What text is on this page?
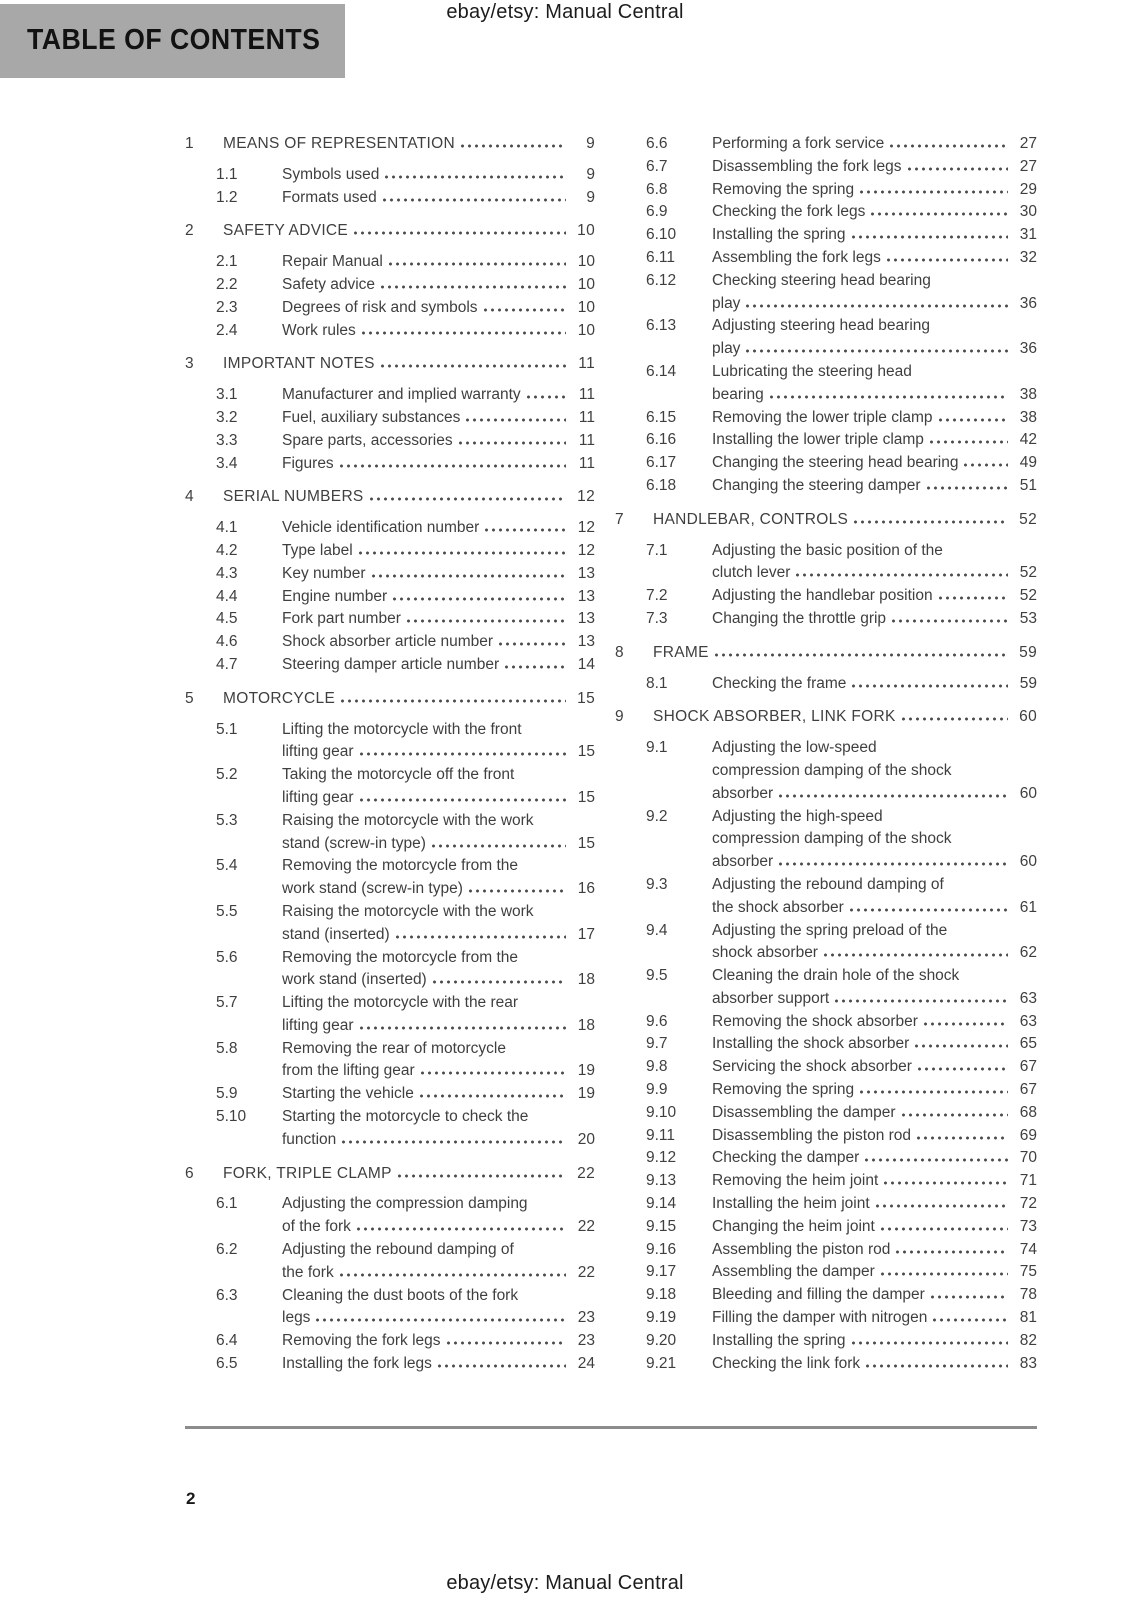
ebay/etsy: Manual Central
TABLE OF CONTENTS
1	MEANS OF REPRESENTATION	9
1.1	Symbols used	9
1.2	Formats used	9
2	SAFETY ADVICE	10
2.1	Repair Manual	10
2.2	Safety advice	10
2.3	Degrees of risk and symbols	10
2.4	Work rules	10
3	IMPORTANT NOTES	11
3.1	Manufacturer and implied warranty	11
3.2	Fuel, auxiliary substances	11
3.3	Spare parts, accessories	11
3.4	Figures	11
4	SERIAL NUMBERS	12
4.1	Vehicle identification number	12
4.2	Type label	12
4.3	Key number	13
4.4	Engine number	13
4.5	Fork part number	13
4.6	Shock absorber article number	13
4.7	Steering damper article number	14
5	MOTORCYCLE	15
5.1	Lifting the motorcycle with the front
lifting gear	15
5.2	Taking the motorcycle off the front
lifting gear	15
5.3	Raising the motorcycle with the work
stand (screw-in type)	15
5.4	Removing the motorcycle from the
work stand (screw-in type)	16
5.5	Raising the motorcycle with the work
stand (inserted)	17
5.6	Removing the motorcycle from the
work stand (inserted)	18
5.7	Lifting the motorcycle with the rear
lifting gear	18
5.8	Removing the rear of motorcycle
from the lifting gear	19
5.9	Starting the vehicle	19
5.10	Starting the motorcycle to check the
function	20
6	FORK, TRIPLE CLAMP	22
6.1	Adjusting the compression damping
of the fork	22
6.2	Adjusting the rebound damping of
the fork	22
6.3	Cleaning the dust boots of the fork
legs	23
6.4	Removing the fork legs	23
6.5	Installing the fork legs	24
6.6	Performing a fork service	27
6.7	Disassembling the fork legs	27
6.8	Removing the spring	29
6.9	Checking the fork legs	30
6.10	Installing the spring	31
6.11	Assembling the fork legs	32
6.12	Checking steering head bearing
play	36
6.13	Adjusting steering head bearing
play	36
6.14	Lubricating the steering head
bearing	38
6.15	Removing the lower triple clamp	38
6.16	Installing the lower triple clamp	42
6.17	Changing the steering head bearing	49
6.18	Changing the steering damper	51
7	HANDLEBAR, CONTROLS	52
7.1	Adjusting the basic position of the
clutch lever	52
7.2	Adjusting the handlebar position	52
7.3	Changing the throttle grip	53
8	FRAME	59
8.1	Checking the frame	59
9	SHOCK ABSORBER, LINK FORK	60
9.1	Adjusting the low-speed
compression damping of the shock
absorber	60
9.2	Adjusting the high-speed
compression damping of the shock
absorber	60
9.3	Adjusting the rebound damping of
the shock absorber	61
9.4	Adjusting the spring preload of the
shock absorber	62
9.5	Cleaning the drain hole of the shock
absorber support	63
9.6	Removing the shock absorber	63
9.7	Installing the shock absorber	65
9.8	Servicing the shock absorber	67
9.9	Removing the spring	67
9.10	Disassembling the damper	68
9.11	Disassembling the piston rod	69
9.12	Checking the damper	70
9.13	Removing the heim joint	71
9.14	Installing the heim joint	72
9.15	Changing the heim joint	73
9.16	Assembling the piston rod	74
9.17	Assembling the damper	75
9.18	Bleeding and filling the damper	78
9.19	Filling the damper with nitrogen	81
9.20	Installing the spring	82
9.21	Checking the link fork	83
2
ebay/etsy: Manual Central
